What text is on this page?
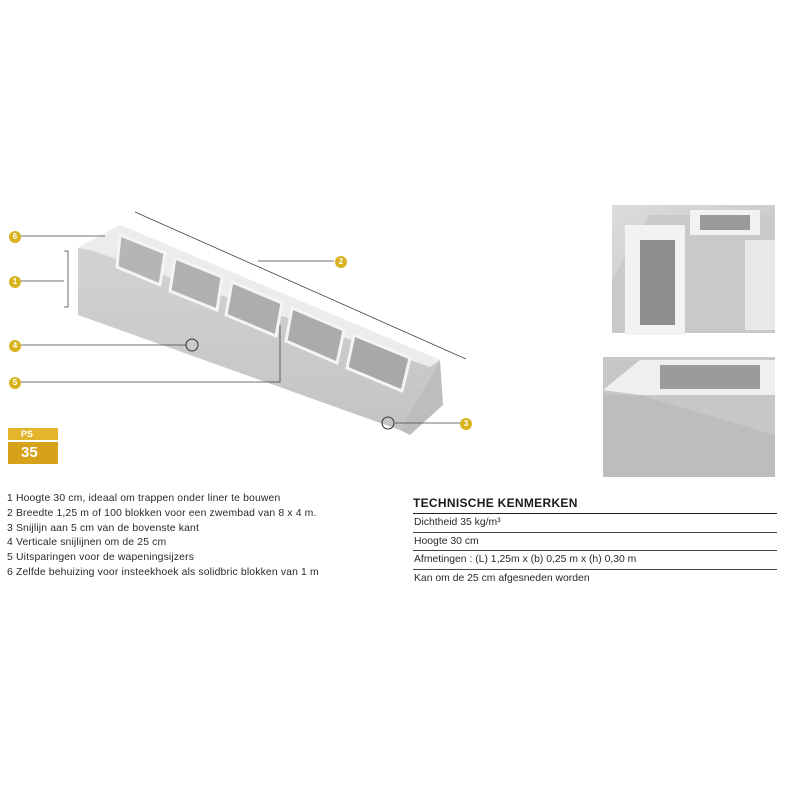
6
1
4
5
2
3
PS
35
1 Hoogte 30 cm, ideaal om trappen onder liner te bouwen
2 Breedte 1,25 m of 100 blokken voor een zwembad van 8 x 4 m.
3 Snijlijn aan 5 cm van de bovenste kant
4 Verticale snijlijnen om de 25 cm
5 Uitsparingen voor de wapeningsijzers
6 Zelfde behuizing voor insteekhoek als solidbric blokken van 1 m
TECHNISCHE KENMERKEN
Dichtheid 35 kg/m³
Hoogte 30 cm
Afmetingen : (L) 1,25m x (b) 0,25 m x (h) 0,30 m
Kan om de 25 cm afgesneden worden
